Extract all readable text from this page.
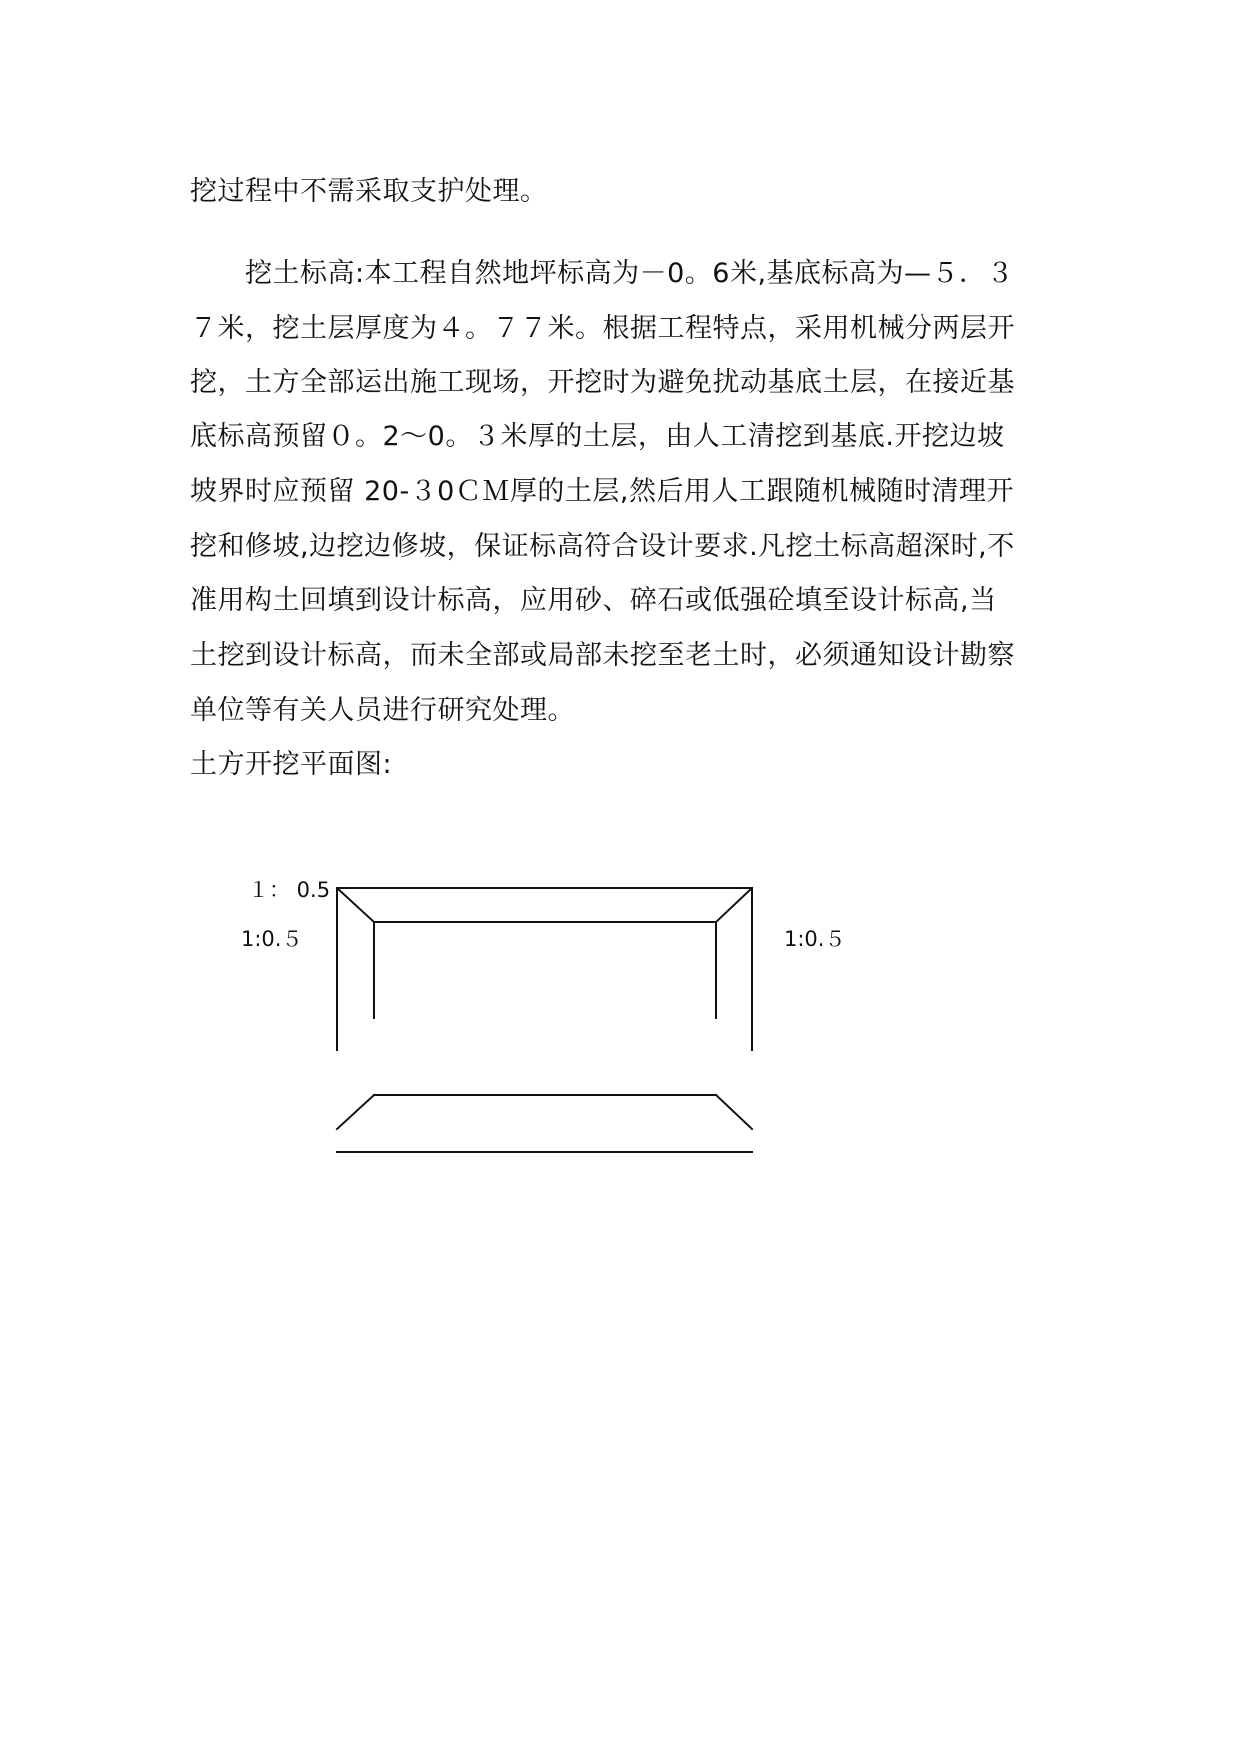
挖过程中不需采取支护处理。
　　挖土标高:本工程自然地坪标高为－0。6米,基底标高为—５．３
７米，挖土层厚度为４。７７米。根据工程特点，采用机械分两层开
挖，土方全部运出施工现场，开挖时为避免扰动基底土层，在接近基
底标高预留０。2～0。３米厚的土层，由人工清挖到基底.开挖边坡
坡界时应预留 20-３0ＣＭ厚的土层,然后用人工跟随机械随时清理开
挖和修坡,边挖边修坡，保证标高符合设计要求.凡挖土标高超深时,不
准用构土回填到设计标高，应用砂、碎石或低强砼填至设计标高,当
土挖到设计标高，而未全部或局部未挖至老土时，必须通知设计勘察
单位等有关人员进行研究处理。
土方开挖平面图:
１： 0.5
1:0.５	1:0.５
